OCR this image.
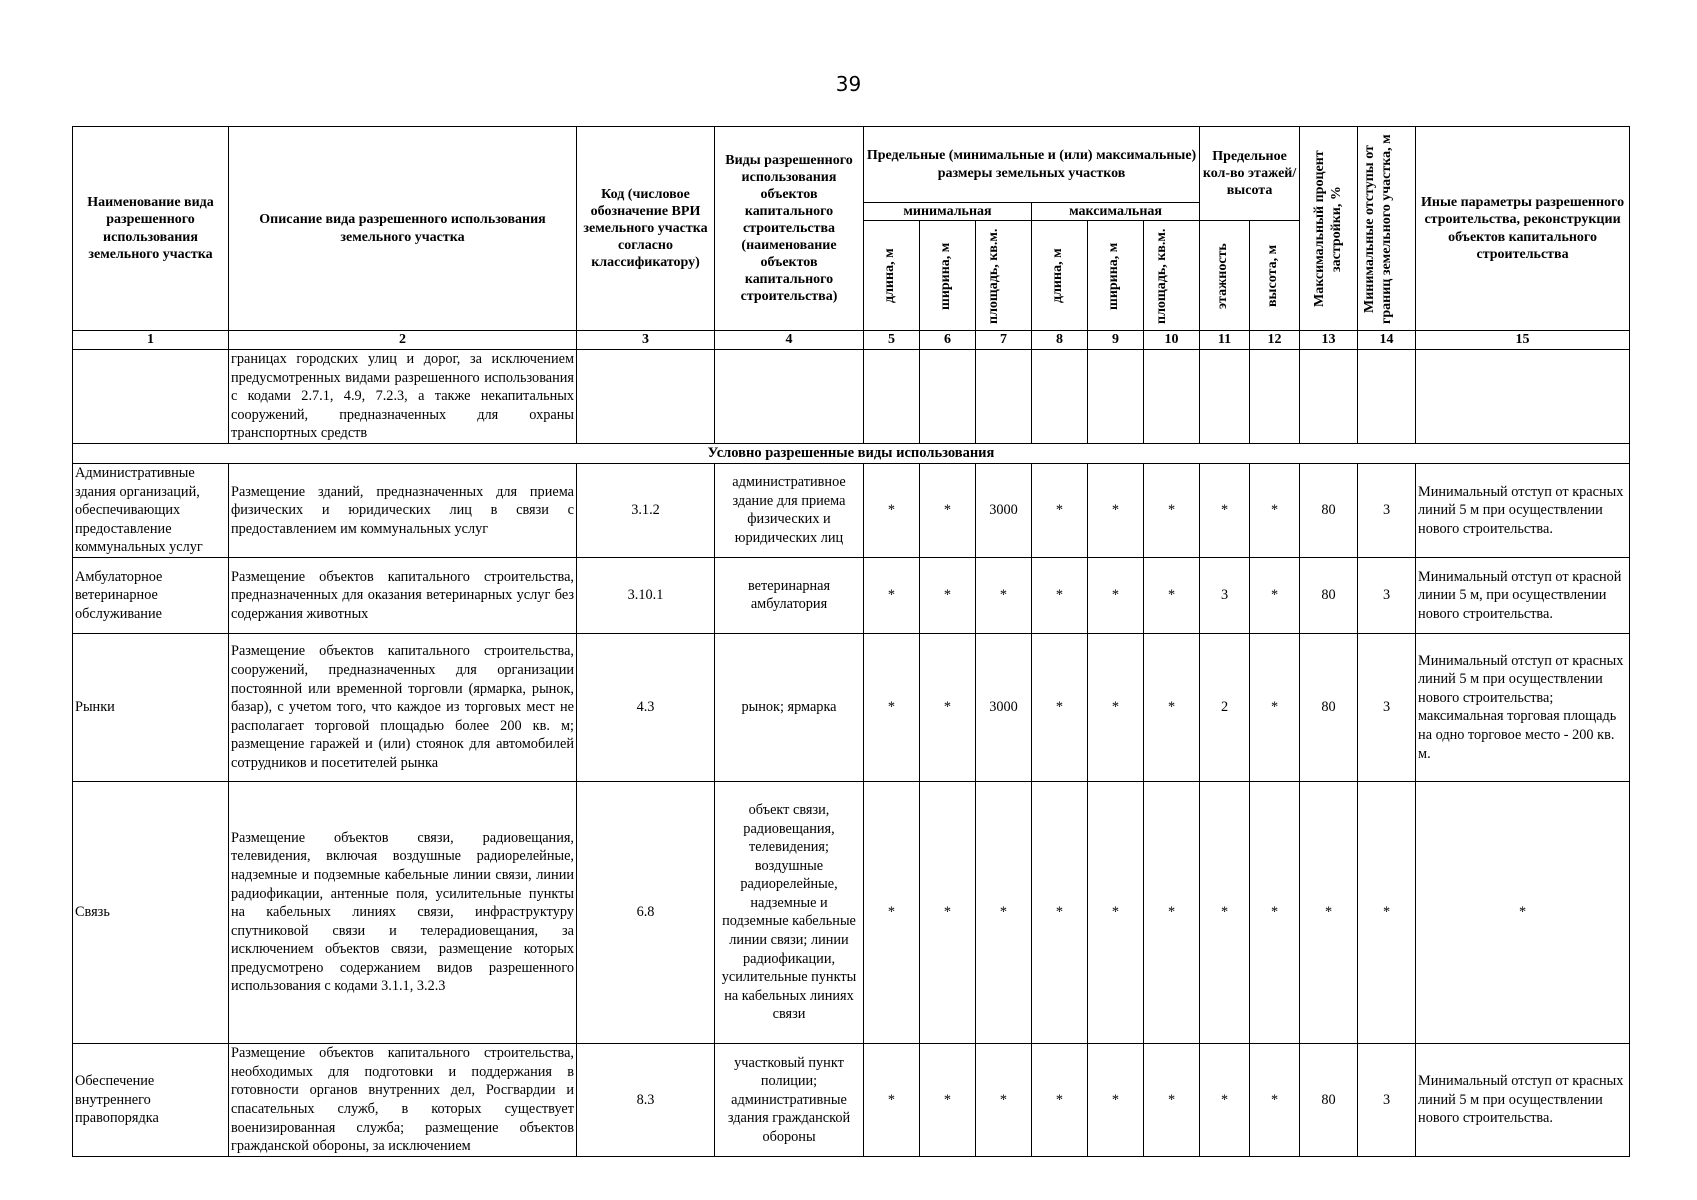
39
Наименование вида разрешенного использования земельного участка	Описание вида разрешенного использования земельного участка	Код (числовое обозначение ВРИ земельного участка согласно классификатору)	Виды разрешенного использования объектов капитального строительства (наименование объектов капитального строительства)	Предельные (минимальные и (или) максимальные) размеры земельных участков						Предельное кол-во этажей/ высота		Максимальный процент застройки, %	Минимальные отступы от границ земельного участка, м	Иные параметры разрешенного строительства, реконструкции объектов капитального строительства
				минимальная			максимальная							

				длина, м	ширина, м	площадь, кв.м.	длина, м	ширина, м	площадь, кв.м.	этажность	высота, м			

1	2	3	4	5	6	7	8	9	10	11	12	13	14	15
	границах городских улиц и дорог, за исключением предусмотренных видами разрешенного использования с кодами 2.7.1, 4.9, 7.2.3, а также некапитальных сооружений, предназначенных для охраны транспортных средств													
Условно разрешенные виды использования														
Административные здания организаций, обеспечивающих предоставление коммунальных услуг	Размещение зданий, предназначенных для приема физических и юридических лиц в связи с предоставлением им коммунальных услуг	3.1.2	административное здание для приема физических и юридических лиц	*	*	3000	*	*	*	*	*	80	3	Минимальный отступ от красных линий 5 м при осуществлении нового строительства.
Амбулаторное ветеринарное обслуживание	Размещение объектов капитального строительства, предназначенных для оказания ветеринарных услуг без содержания животных	3.10.1	ветеринарная амбулатория	*	*	*	*	*	*	3	*	80	3	Минимальный отступ от красной линии 5 м, при осуществлении нового строительства.
Рынки	Размещение объектов капитального строительства, сооружений, предназначенных для организации постоянной или временной торговли (ярмарка, рынок, базар), с учетом того, что каждое из торговых мест не располагает торговой площадью более 200 кв. м; размещение гаражей и (или) стоянок для автомобилей сотрудников и посетителей рынка	4.3	рынок; ярмарка	*	*	3000	*	*	*	2	*	80	3	Минимальный отступ от красных линий 5 м при осуществлении нового строительства; максимальная торговая площадь на одно торговое место - 200 кв. м.
Связь	Размещение объектов связи, радиовещания, телевидения, включая воздушные радиорелейные, надземные и подземные кабельные линии связи, линии радиофикации, антенные поля, усилительные пункты на кабельных линиях связи, инфраструктуру спутниковой связи и телерадиовещания, за исключением объектов связи, размещение которых предусмотрено содержанием видов разрешенного использования с кодами 3.1.1, 3.2.3	6.8	объект связи, радиовещания, телевидения; воздушные радиорелейные, надземные и подземные кабельные линии связи; линии радиофикации, усилительные пункты на кабельных линиях связи	*	*	*	*	*	*	*	*	*	*	*
Обеспечение внутреннего правопорядка	Размещение объектов капитального строительства, необходимых для подготовки и поддержания в готовности органов внутренних дел, Росгвардии и спасательных служб, в которых существует военизированная служба; размещение объектов гражданской обороны, за исключением	8.3	участковый пункт полиции; административные здания гражданской обороны	*	*	*	*	*	*	*	*	80	3	Минимальный отступ от красных линий 5 м при осуществлении нового строительства.
